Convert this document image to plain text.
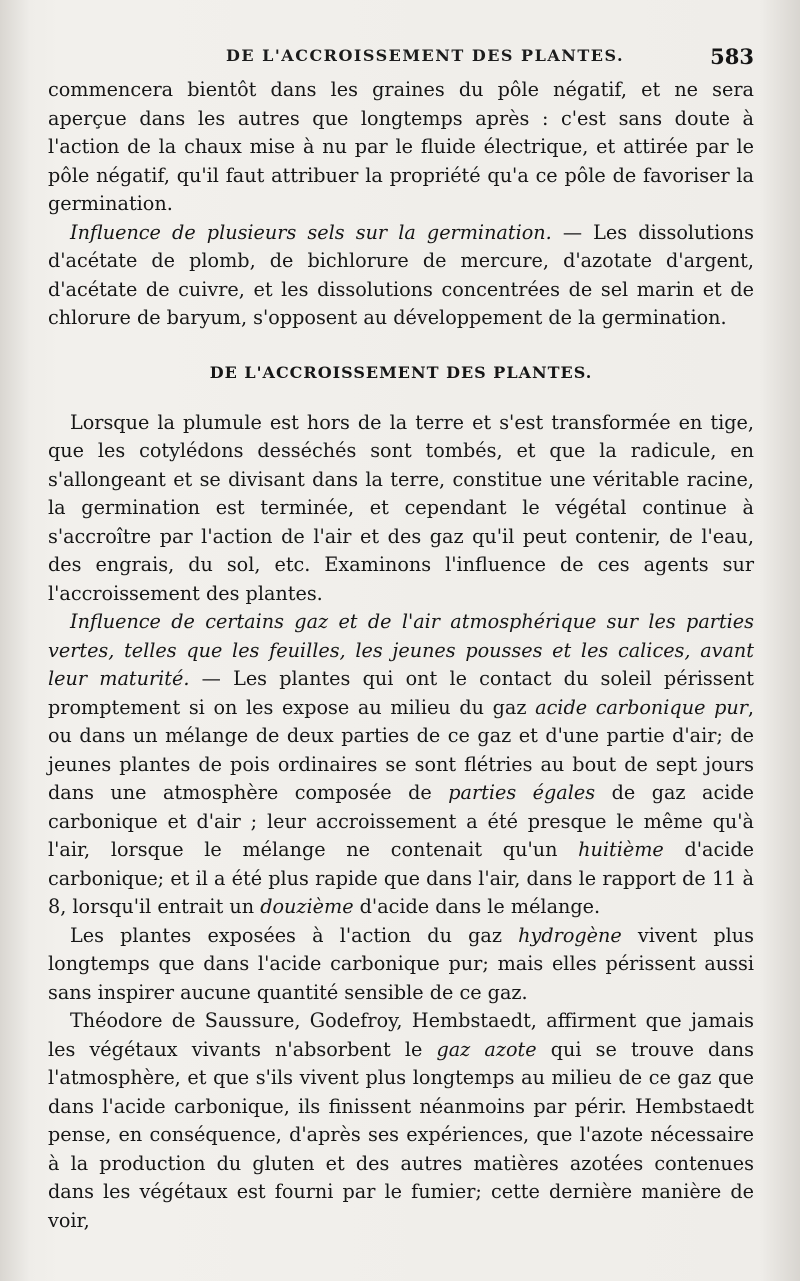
DE L'ACCROISSEMENT DES PLANTES.	583

commencera bientôt dans les graines du pôle négatif, et ne sera aperçue dans les autres que longtemps après : c'est sans doute à l'action de la chaux mise à nu par le fluide électrique, et attirée par le pôle négatif, qu'il faut attribuer la propriété qu'a ce pôle de favoriser la germination.

Influence de plusieurs sels sur la germination. — Les dissolutions d'acétate de plomb, de bichlorure de mercure, d'azotate d'argent, d'acétate de cuivre, et les dissolutions concentrées de sel marin et de chlorure de baryum, s'opposent au développement de la germination.

DE L'ACCROISSEMENT DES PLANTES.

Lorsque la plumule est hors de la terre et s'est transformée en tige, que les cotylédons desséchés sont tombés, et que la radicule, en s'allongeant et se divisant dans la terre, constitue une véritable racine, la germination est terminée, et cependant le végétal continue à s'accroître par l'action de l'air et des gaz qu'il peut contenir, de l'eau, des engrais, du sol, etc. Examinons l'influence de ces agents sur l'accroissement des plantes.

Influence de certains gaz et de l'air atmosphérique sur les parties vertes, telles que les feuilles, les jeunes pousses et les calices, avant leur maturité. — Les plantes qui ont le contact du soleil périssent promptement si on les expose au milieu du gaz acide carbonique pur, ou dans un mélange de deux parties de ce gaz et d'une partie d'air; de jeunes plantes de pois ordinaires se sont flétries au bout de sept jours dans une atmosphère composée de parties égales de gaz acide carbonique et d'air ; leur accroissement a été presque le même qu'à l'air, lorsque le mélange ne contenait qu'un huitième d'acide carbonique; et il a été plus rapide que dans l'air, dans le rapport de 11 à 8, lorsqu'il entrait un douzième d'acide dans le mélange.

Les plantes exposées à l'action du gaz hydrogène vivent plus longtemps que dans l'acide carbonique pur; mais elles périssent aussi sans inspirer aucune quantité sensible de ce gaz.

Théodore de Saussure, Godefroy, Hembstaedt, affirment que jamais les végétaux vivants n'absorbent le gaz azote qui se trouve dans l'atmosphère, et que s'ils vivent plus longtemps au milieu de ce gaz que dans l'acide carbonique, ils finissent néanmoins par périr. Hembstaedt pense, en conséquence, d'après ses expériences, que l'azote nécessaire à la production du gluten et des autres matières azotées contenues dans les végétaux est fourni par le fumier; cette dernière manière de voir,
